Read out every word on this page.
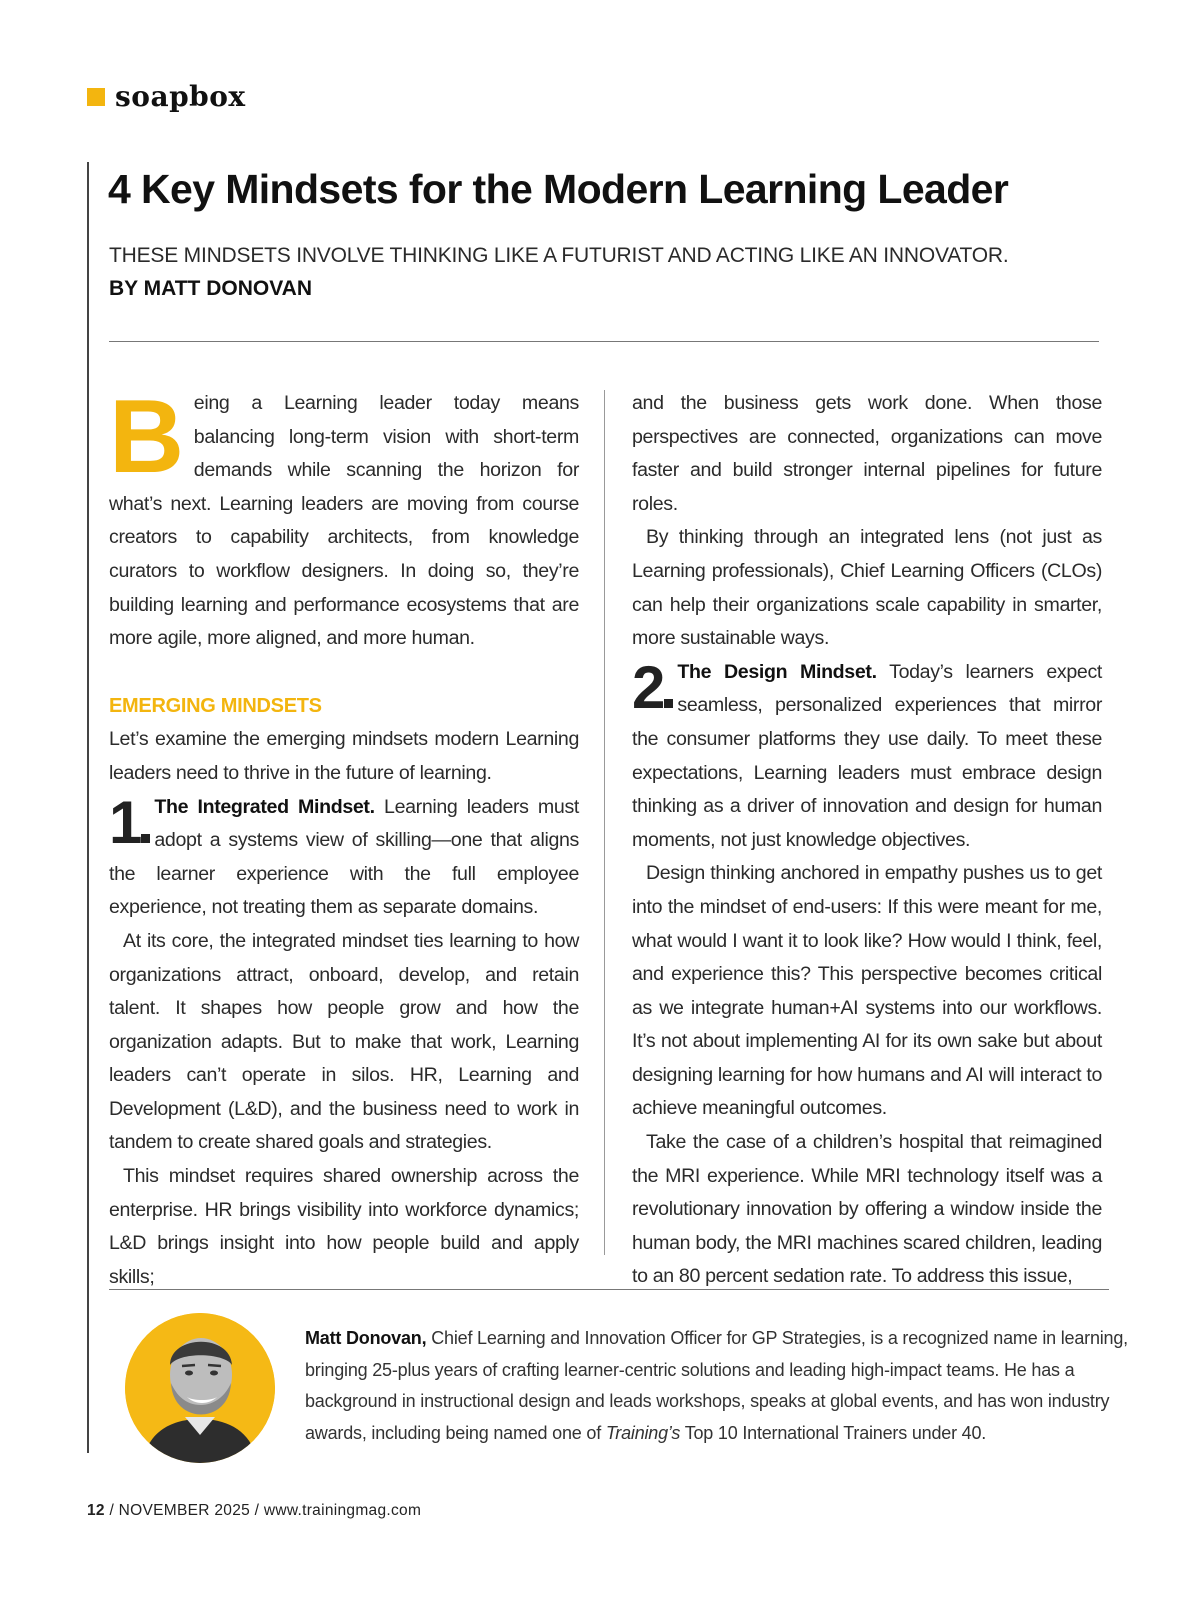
soapbox
4 Key Mindsets for the Modern Learning Leader
THESE MINDSETS INVOLVE THINKING LIKE A FUTURIST AND ACTING LIKE AN INNOVATOR.
BY MATT DONOVAN

Being a Learning leader today means balancing long-term vision with short-term demands while scanning the horizon for what’s next. Learning leaders are moving from course creators to capability architects, from knowledge curators to workflow designers. In doing so, they’re building learning and performance ecosystems that are more agile, more aligned, and more human.

EMERGING MINDSETS

Let’s examine the emerging mindsets modern Learning leaders need to thrive in the future of learning.

1 The Integrated Mindset. Learning leaders must adopt a systems view of skilling—one that aligns the learner experience with the full employee experience, not treating them as separate domains.

At its core, the integrated mindset ties learning to how organizations attract, onboard, develop, and retain talent. It shapes how people grow and how the organization adapts. But to make that work, Learning leaders can’t operate in silos. HR, Learning and Development (L&D), and the business need to work in tandem to create shared goals and strategies.

This mindset requires shared ownership across the enterprise. HR brings visibility into workforce dynamics; L&D brings insight into how people build and apply skills;

and the business gets work done. When those perspectives are connected, organizations can move faster and build stronger internal pipelines for future roles.

By thinking through an integrated lens (not just as Learning professionals), Chief Learning Officers (CLOs) can help their organizations scale capability in smarter, more sustainable ways.

2 The Design Mindset. Today’s learners expect seamless, personalized experiences that mirror the consumer platforms they use daily. To meet these expectations, Learning leaders must embrace design thinking as a driver of innovation and design for human moments, not just knowledge objectives.

Design thinking anchored in empathy pushes us to get into the mindset of end-users: If this were meant for me, what would I want it to look like? How would I think, feel, and experience this? This perspective becomes critical as we integrate human+AI systems into our workflows. It’s not about implementing AI for its own sake but about designing learning for how humans and AI will interact to achieve meaningful outcomes.

Take the case of a children’s hospital that reimagined the MRI experience. While MRI technology itself was a revolutionary innovation by offering a window inside the human body, the MRI machines scared children, leading to an 80 percent sedation rate. To address this issue,

Matt Donovan, Chief Learning and Innovation Officer for GP Strategies, is a recognized name in learning, bringing 25-plus years of crafting learner-centric solutions and leading high-impact teams. He has a background in instructional design and leads workshops, speaks at global events, and has won industry awards, including being named one of Training’s Top 10 International Trainers under 40.
12 / NOVEMBER 2025 / www.trainingmag.com
